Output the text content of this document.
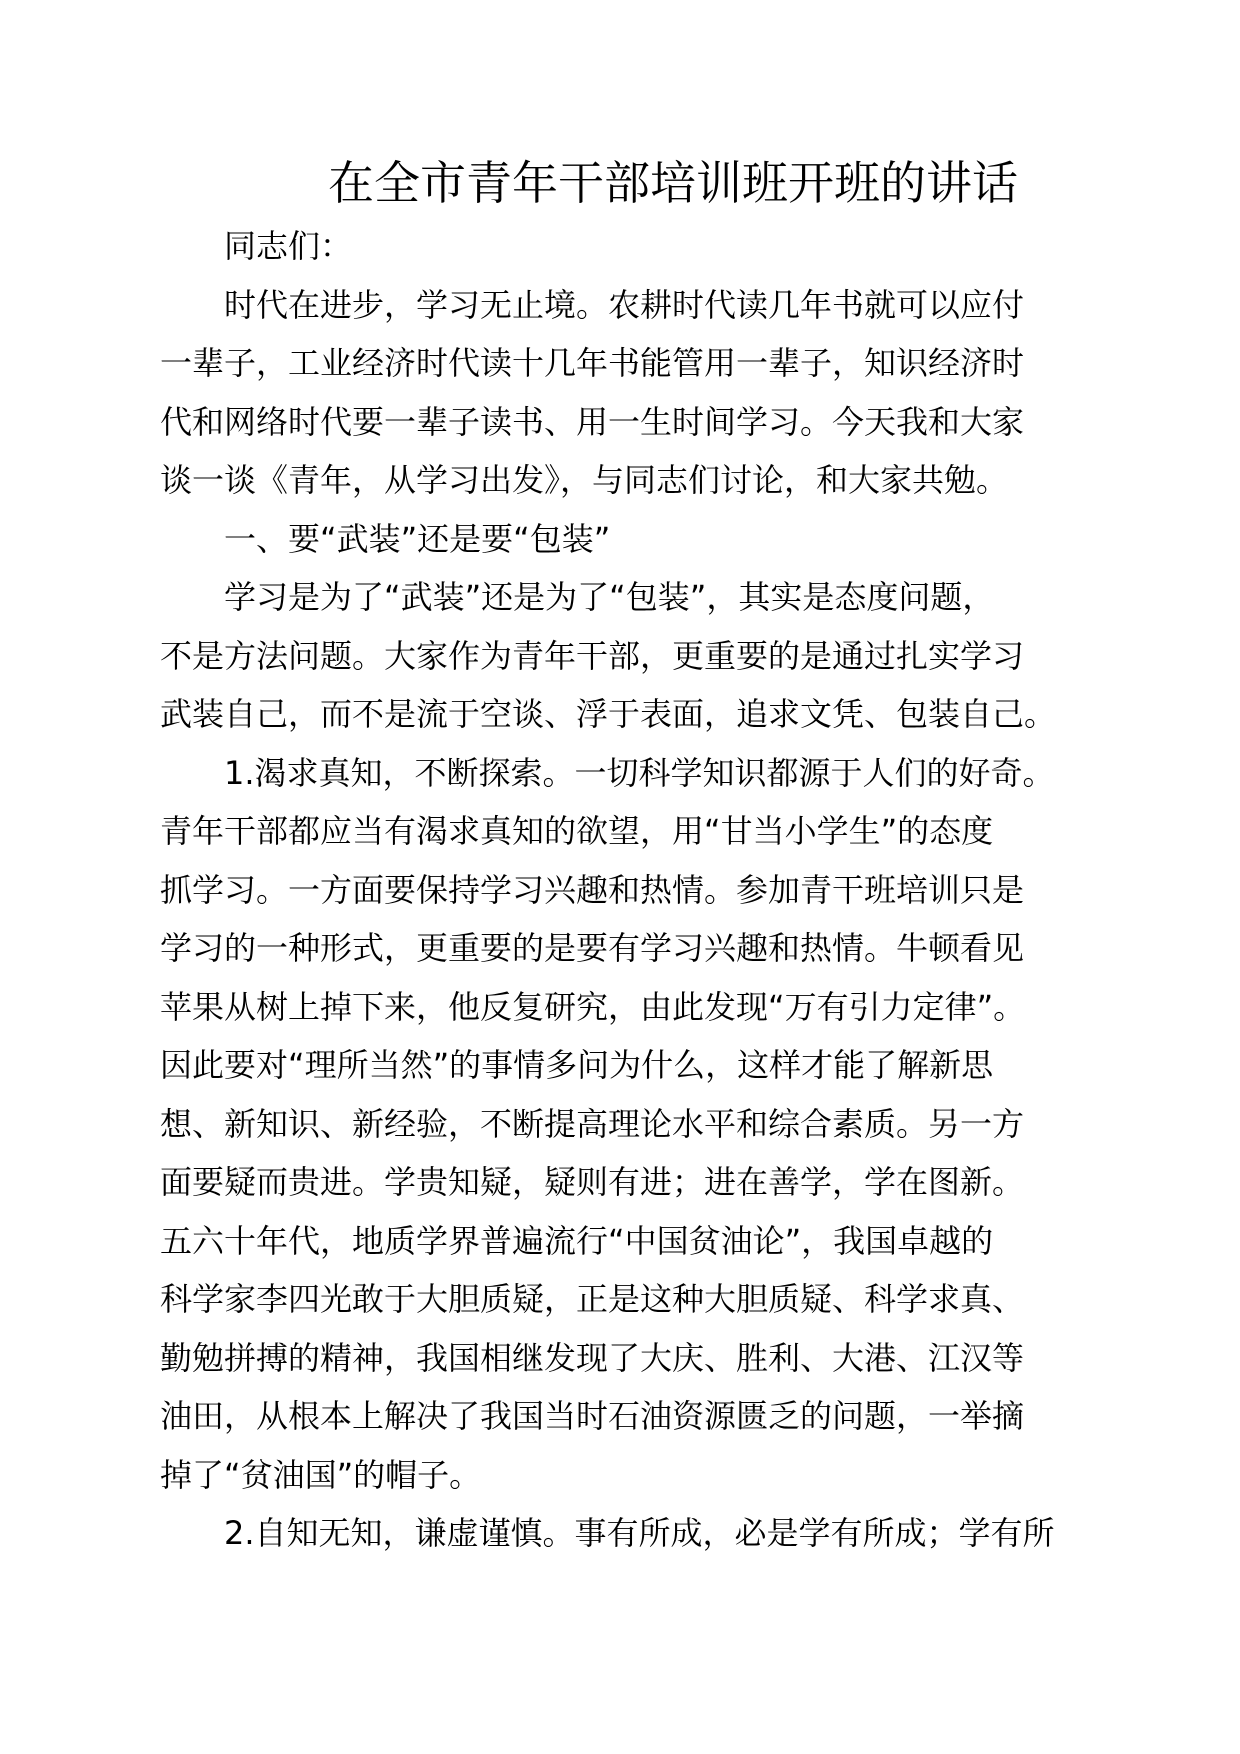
在全市青年干部培训班开班的讲话
同志们：
时代在进步，学习无止境。农耕时代读几年书就可以应付
一辈子，工业经济时代读十几年书能管用一辈子，知识经济时
代和网络时代要一辈子读书、用一生时间学习。今天我和大家
谈一谈《青年，从学习出发》，与同志们讨论，和大家共勉。
一、要“武装”还是要“包装”
学习是为了“武装”还是为了“包装”，其实是态度问题，
不是方法问题。大家作为青年干部，更重要的是通过扎实学习
武装自己，而不是流于空谈、浮于表面，追求文凭、包装自己。
1.渴求真知，不断探索。一切科学知识都源于人们的好奇。
青年干部都应当有渴求真知的欲望，用“甘当小学生”的态度
抓学习。一方面要保持学习兴趣和热情。参加青干班培训只是
学习的一种形式，更重要的是要有学习兴趣和热情。牛顿看见
苹果从树上掉下来，他反复研究，由此发现“万有引力定律”。
因此要对“理所当然”的事情多问为什么，这样才能了解新思
想、新知识、新经验，不断提高理论水平和综合素质。另一方
面要疑而贵进。学贵知疑，疑则有进；进在善学，学在图新。
五六十年代，地质学界普遍流行“中国贫油论”，我国卓越的
科学家李四光敢于大胆质疑，正是这种大胆质疑、科学求真、
勤勉拼搏的精神，我国相继发现了大庆、胜利、大港、江汉等
油田，从根本上解决了我国当时石油资源匮乏的问题，一举摘
掉了“贫油国”的帽子。
2.自知无知，谦虚谨慎。事有所成，必是学有所成；学有所
